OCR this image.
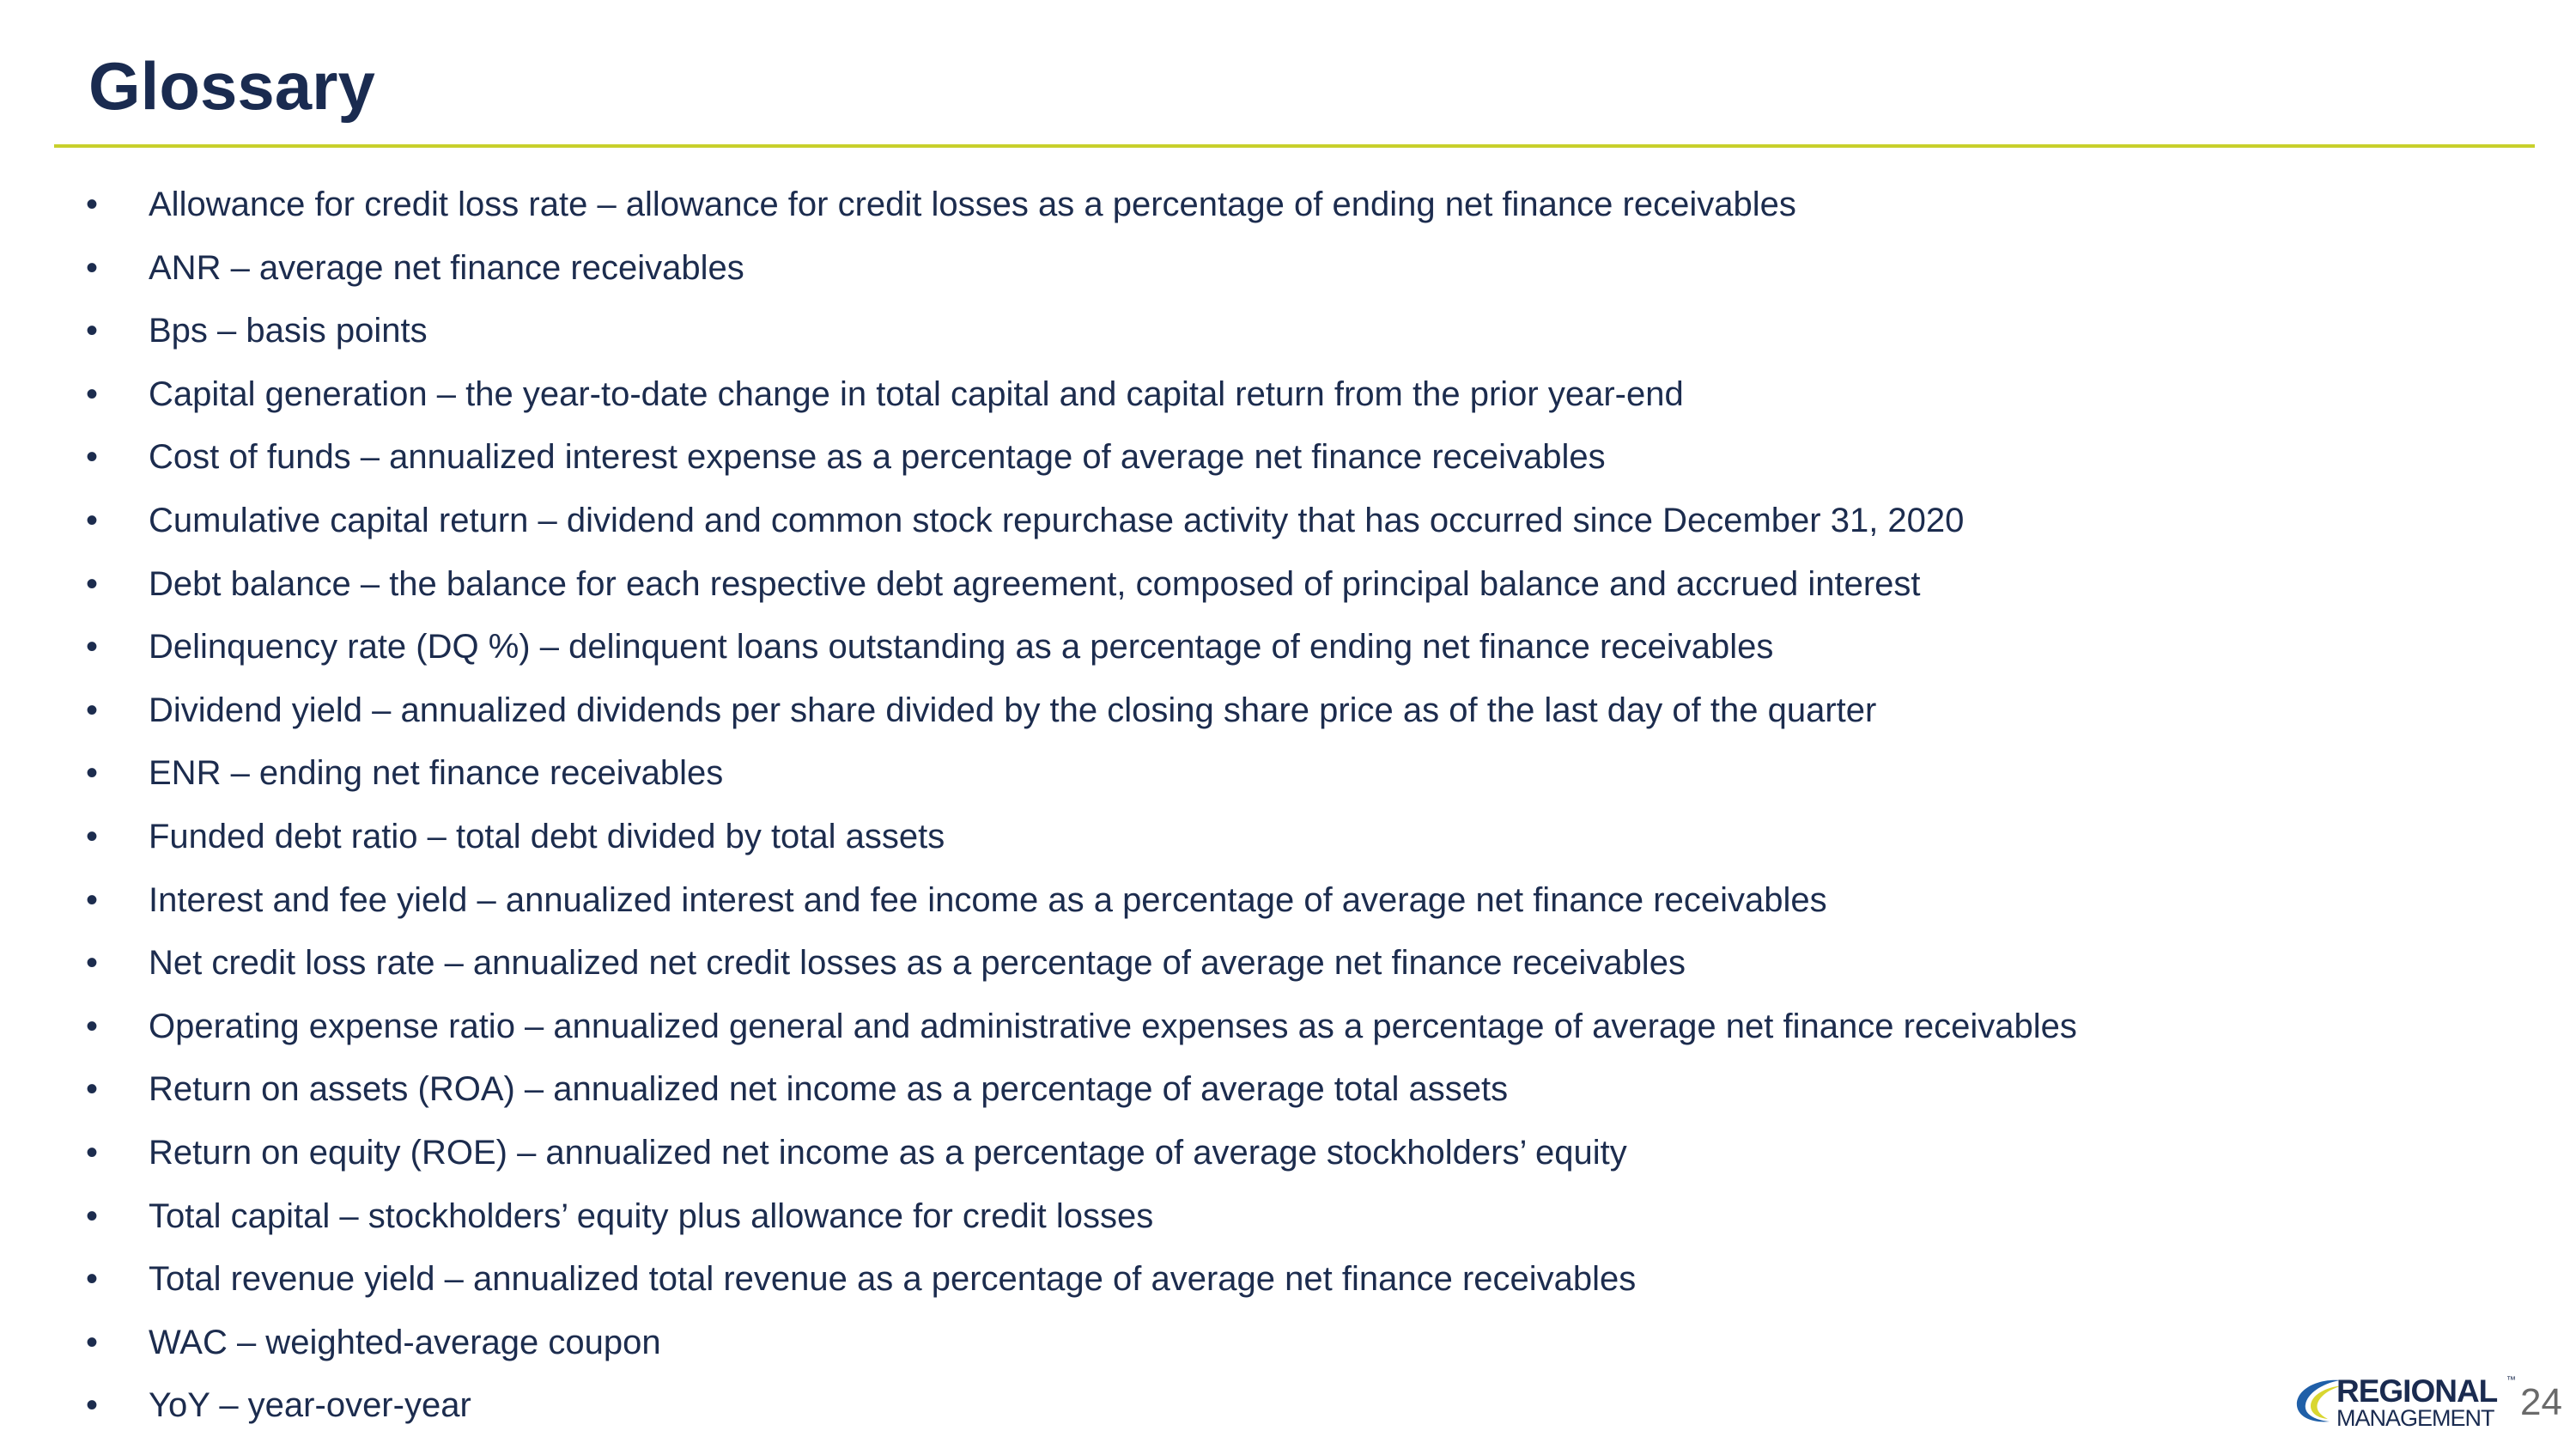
Glossary
• Allowance for credit loss rate – allowance for credit losses as a percentage of ending net finance receivables
• ANR – average net finance receivables
• Bps – basis points
• Capital generation – the year-to-date change in total capital and capital return from the prior year-end
• Cost of funds – annualized interest expense as a percentage of average net finance receivables
• Cumulative capital return – dividend and common stock repurchase activity that has occurred since December 31, 2020
• Debt balance – the balance for each respective debt agreement, composed of principal balance and accrued interest
• Delinquency rate (DQ %) – delinquent loans outstanding as a percentage of ending net finance receivables
• Dividend yield – annualized dividends per share divided by the closing share price as of the last day of the quarter
• ENR – ending net finance receivables
• Funded debt ratio – total debt divided by total assets
• Interest and fee yield – annualized interest and fee income as a percentage of average net finance receivables
• Net credit loss rate – annualized net credit losses as a percentage of average net finance receivables
• Operating expense ratio – annualized general and administrative expenses as a percentage of average net finance receivables
• Return on assets (ROA) – annualized net income as a percentage of average total assets
• Return on equity (ROE) – annualized net income as a percentage of average stockholders’ equity
• Total capital – stockholders’ equity plus allowance for credit losses
• Total revenue yield – annualized total revenue as a percentage of average net finance receivables
• WAC – weighted-average coupon
• YoY – year-over-year	REGIONAL ™
MANAGEMENT 24
